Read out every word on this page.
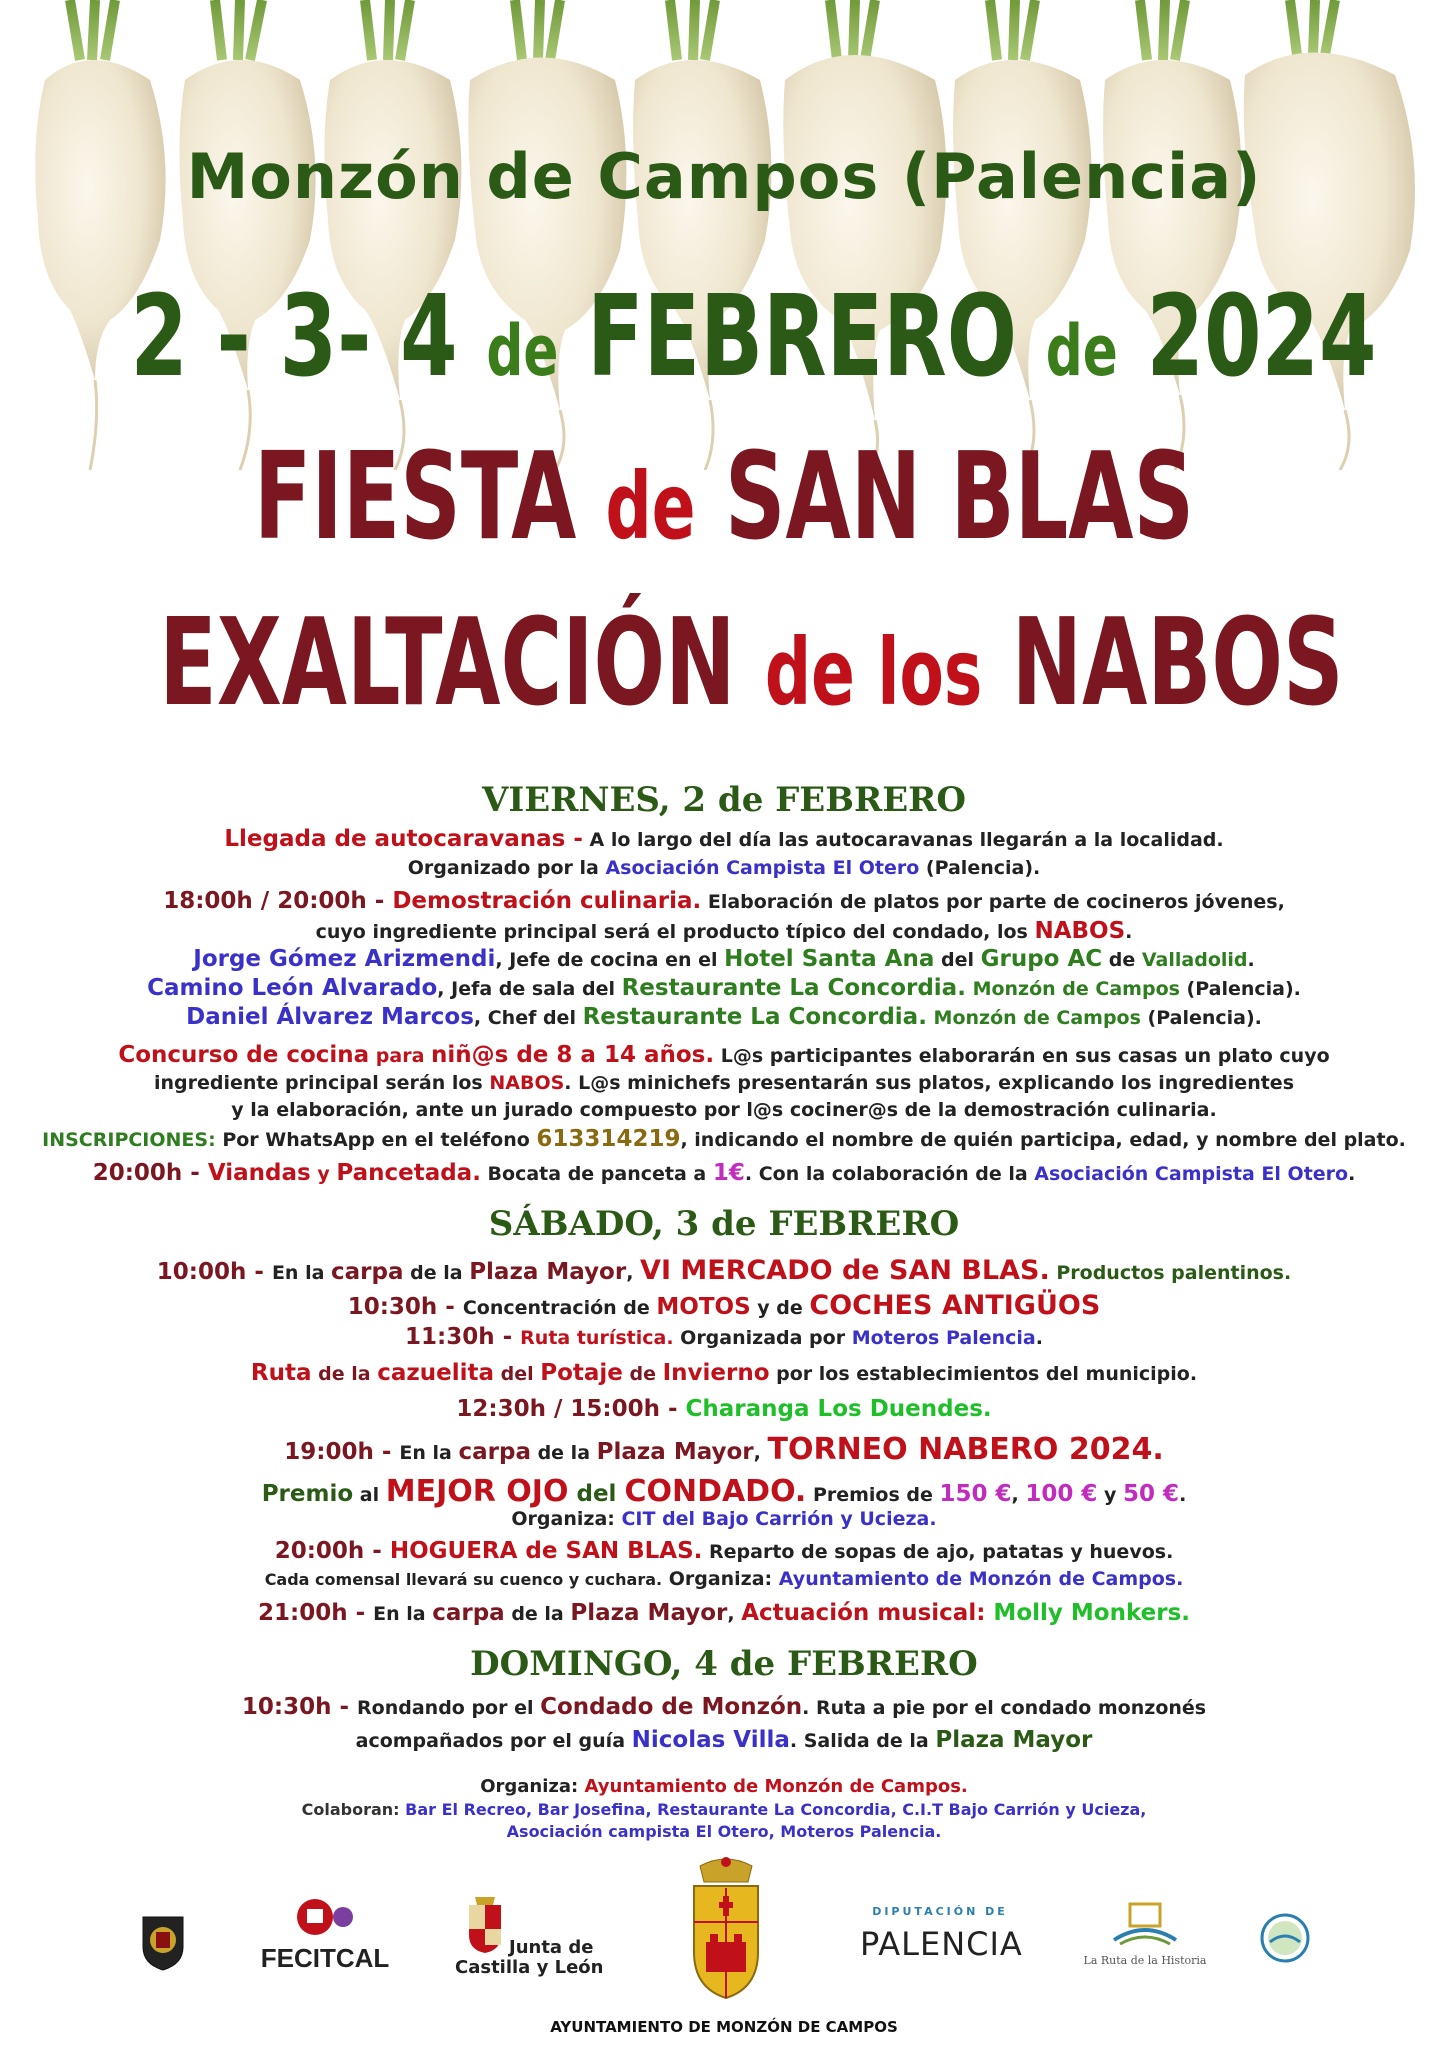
Monzón de Campos (Palencia)
2 - 3- 4 de FEBRERO de 2024
FIESTA de SAN BLAS
EXALTACIÓN de los NABOS
VIERNES, 2 de FEBRERO
Llegada de autocaravanas - A lo largo del día las autocaravanas llegarán a la localidad.
Organizado por la Asociación Campista El Otero (Palencia).
18:00h / 20:00h - Demostración culinaria. Elaboración de platos por parte de cocineros jóvenes,
cuyo ingrediente principal será el producto típico del condado, los NABOS.
Jorge Gómez Arizmendi, Jefe de cocina en el Hotel Santa Ana del Grupo AC de Valladolid.
Camino León Alvarado, Jefa de sala del Restaurante La Concordia. Monzón de Campos (Palencia).
Daniel Álvarez Marcos, Chef del Restaurante La Concordia. Monzón de Campos (Palencia).
Concurso de cocina para niñ@s de 8 a 14 años. L@s participantes elaborarán en sus casas un plato cuyo
ingrediente principal serán los NABOS. L@s minichefs presentarán sus platos, explicando los ingredientes
y la elaboración, ante un jurado compuesto por l@s cociner@s de la demostración culinaria.
INSCRIPCIONES: Por WhatsApp en el teléfono 613314219, indicando el nombre de quién participa, edad, y nombre del plato.
20:00h - Viandas y Pancetada. Bocata de panceta a 1€. Con la colaboración de la Asociación Campista El Otero.
SÁBADO, 3 de FEBRERO
10:00h - En la carpa de la Plaza Mayor, VI MERCADO de SAN BLAS. Productos palentinos.
10:30h - Concentración de MOTOS y de COCHES ANTIGÜOS
11:30h - Ruta turística. Organizada por Moteros Palencia.
Ruta de la cazuelita del Potaje de Invierno por los establecimientos del municipio.
12:30h / 15:00h - Charanga Los Duendes.
19:00h - En la carpa de la Plaza Mayor, TORNEO NABERO 2024.
Premio al MEJOR OJO del CONDADO. Premios de 150 €, 100 € y 50 €.
Organiza: CIT del Bajo Carrión y Ucieza.
20:00h - HOGUERA de SAN BLAS. Reparto de sopas de ajo, patatas y huevos.
Cada comensal llevará su cuenco y cuchara. Organiza: Ayuntamiento de Monzón de Campos.
21:00h - En la carpa de la Plaza Mayor, Actuación musical: Molly Monkers.
DOMINGO, 4 de FEBRERO
10:30h - Rondando por el Condado de Monzón. Ruta a pie por el condado monzonés
acompañados por el guía Nicolas Villa. Salida de la Plaza Mayor
Organiza: Ayuntamiento de Monzón de Campos.
Colaboran: Bar El Recreo, Bar Josefina, Restaurante La Concordia, C.I.T Bajo Carrión y Ucieza,
Asociación campista El Otero, Moteros Palencia.
FECITCAL	Junta de
Castilla y León
DIPUTACIÓN DE
PALENCIA	La Ruta de la Historia
AYUNTAMIENTO DE MONZÓN DE CAMPOS
